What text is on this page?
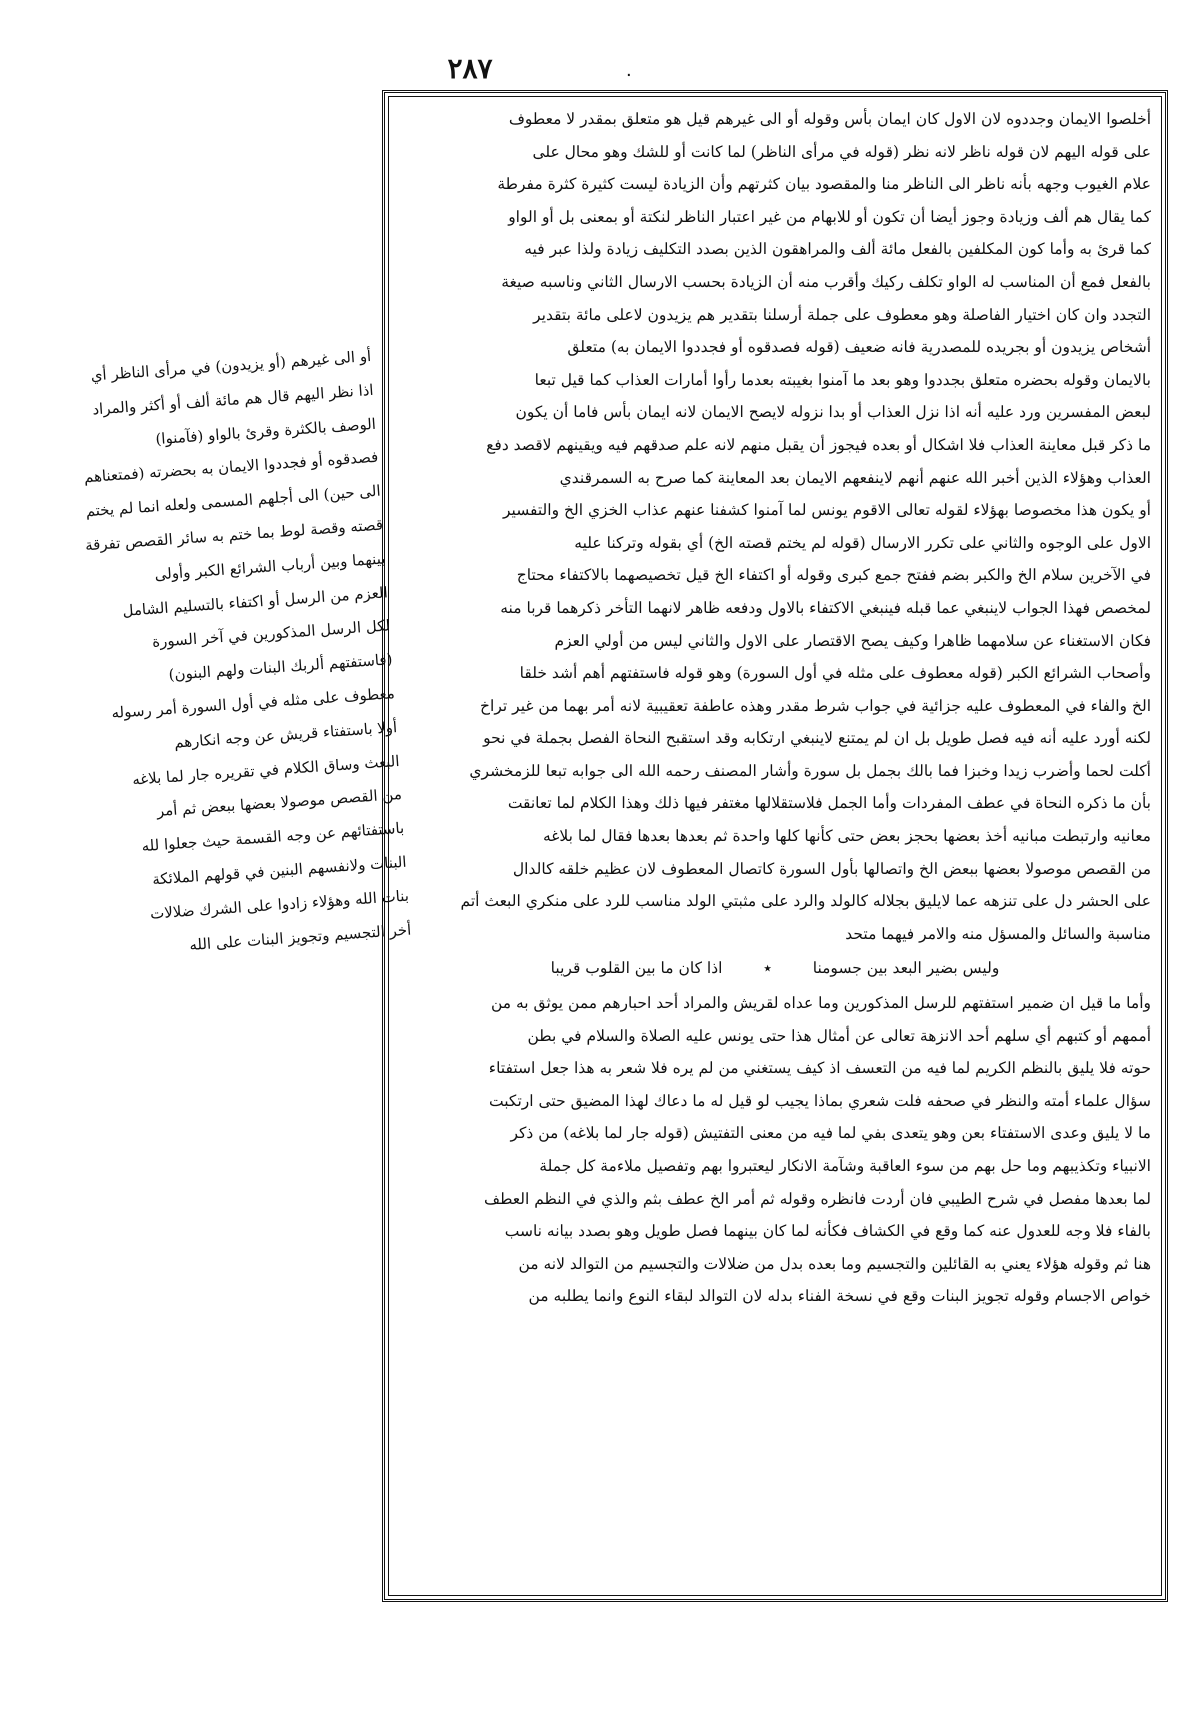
٢٨٧	٠
أخلصوا الايمان وجددوه لان الاول كان ايمان بأس وقوله أو الى غيرهم قيل هو متعلق بمقدر لا معطوف
على قوله اليهم لان قوله ناظر لانه نظر (قوله في مرأى الناظر) لما كانت أو للشك وهو محال على
علام الغيوب وجهه بأنه ناظر الى الناظر منا والمقصود بيان كثرتهم وأن الزيادة ليست كثيرة كثرة مفرطة
كما يقال هم ألف وزيادة وجوز أيضا أن تكون أو للابهام من غير اعتبار الناظر لنكتة أو بمعنى بل أو الواو
كما قرئ به وأما كون المكلفين بالفعل مائة ألف والمراهقون الذين بصدد التكليف زيادة ولذا عبر فيه
بالفعل فمع أن المناسب له الواو تكلف ركيك وأقرب منه أن الزيادة بحسب الارسال الثاني وناسبه صيغة
التجدد وان كان اختيار الفاصلة وهو معطوف على جملة أرسلنا بتقدير هم يزيدون لاعلى مائة بتقدير
أشخاص يزيدون أو بجريده للمصدرية فانه ضعيف (قوله فصدقوه أو فجددوا الايمان به) متعلق
بالايمان وقوله بحضره متعلق بجددوا وهو بعد ما آمنوا بغيبته بعدما رأوا أمارات العذاب كما قيل تبعا
لبعض المفسرين ورد عليه أنه اذا نزل العذاب أو بدا نزوله لايصح الايمان لانه ايمان بأس فاما أن يكون
ما ذكر قبل معاينة العذاب فلا اشكال أو بعده فيجوز أن يقبل منهم لانه علم صدقهم فيه ويقينهم لاقصد دفع
العذاب وهؤلاء الذين أخبر الله عنهم أنهم لاينفعهم الايمان بعد المعاينة كما صرح به السمرقندي
أو يكون هذا مخصوصا بهؤلاء لقوله تعالى الاقوم يونس لما آمنوا كشفنا عنهم عذاب الخزي الخ والتفسير
الاول على الوجوه والثاني على تكرر الارسال (قوله لم يختم قصته الخ) أي بقوله وتركنا عليه
في الآخرين سلام الخ والكبر بضم ففتح جمع كبرى وقوله أو اكتفاء الخ قيل تخصيصهما بالاكتفاء محتاج
لمخصص فهذا الجواب لاينبغي عما قبله فينبغي الاكتفاء بالاول ودفعه ظاهر لانهما التأخر ذكرهما قربا منه
فكان الاستغناء عن سلامهما ظاهرا وكيف يصح الاقتصار على الاول والثاني ليس من أولي العزم
وأصحاب الشرائع الكبر (قوله معطوف على مثله في أول السورة) وهو قوله فاستفتهم أهم أشد خلقا
الخ والفاء في المعطوف عليه جزائية في جواب شرط مقدر وهذه عاطفة تعقيبية لانه أمر بهما من غير تراخ
لكنه أورد عليه أنه فيه فصل طويل بل ان لم يمتنع لاينبغي ارتكابه وقد استقبح النحاة الفصل بجملة في نحو
أكلت لحما وأضرب زيدا وخبزا فما بالك بجمل بل سورة وأشار المصنف رحمه الله الى جوابه تبعا للزمخشري
بأن ما ذكره النحاة في عطف المفردات وأما الجمل فلاستقلالها مغتفر فيها ذلك وهذا الكلام لما تعانقت
معانيه وارتبطت مبانيه أخذ بعضها بحجز بعض حتى كأنها كلها واحدة ثم بعدها بعدها فقال لما بلاغه
من القصص موصولا بعضها ببعض الخ واتصالها بأول السورة كاتصال المعطوف لان عظيم خلقه كالدال
على الحشر دل على تنزهه عما لايليق بجلاله كالولد والرد على مثبتي الولد مناسب للرد على منكري البعث أتم
مناسبة والسائل والمسؤل منه والامر فيهما متحد
وليس بضير البعد بين جسومنا ٭ اذا كان ما بين القلوب قريبا
وأما ما قيل ان ضمير استفتهم للرسل المذكورين وما عداه لقريش والمراد أحد احبارهم ممن يوثق به من
أممهم أو كتبهم أي سلهم أحد الانزهة تعالى عن أمثال هذا حتى يونس عليه الصلاة والسلام في بطن
حوته فلا يليق بالنظم الكريم لما فيه من التعسف اذ كيف يستغني من لم يره فلا شعر به هذا جعل استفتاء
سؤال علماء أمته والنظر في صحفه فلت شعري بماذا يجيب لو قيل له ما دعاك لهذا المضيق حتى ارتكبت
ما لا يليق وعدى الاستفتاء بعن وهو يتعدى بفي لما فيه من معنى التفتيش (قوله جار لما بلاغه) من ذكر
الانبياء وتكذيبهم وما حل بهم من سوء العاقبة وشآمة الانكار ليعتبروا بهم وتفصيل ملاءمة كل جملة
لما بعدها مفصل في شرح الطيبي فان أردت فانظره وقوله ثم أمر الخ عطف بثم والذي في النظم العطف
بالفاء فلا وجه للعدول عنه كما وقع في الكشاف فكأنه لما كان بينهما فصل طويل وهو بصدد بيانه ناسب
هنا ثم وقوله هؤلاء يعني به القائلين والتجسيم وما بعده بدل من ضلالات والتجسيم من التوالد لانه من
خواص الاجسام وقوله تجويز البنات وقع في نسخة الفناء بدله لان التوالد لبقاء النوع وانما يطلبه من
أو الى غيرهم (أو يزيدون) في مرأى الناظر أي
اذا نظر اليهم قال هم مائة ألف أو أكثر والمراد
الوصف بالكثرة وقرئ بالواو (فآمنوا)
فصدقوه أو فجددوا الايمان به بحضرته (فمتعناهم
الى حين) الى أجلهم المسمى ولعله انما لم يختم
قصته وقصة لوط بما ختم به سائر القصص تفرقة
بينهما وبين أرباب الشرائع الكبر وأولى
العزم من الرسل أو اكتفاء بالتسليم الشامل
لكل الرسل المذكورين في آخر السورة
(فاستفتهم ألربك البنات ولهم البنون)
معطوف على مثله في أول السورة أمر رسوله
أولا باستفتاء قريش عن وجه انكارهم
البعث وساق الكلام في تقريره جار لما بلاغه
من القصص موصولا بعضها ببعض ثم أمر
باستفتائهم عن وجه القسمة حيث جعلوا لله
البنات ولانفسهم البنين في قولهم الملائكة
بنات الله وهؤلاء زادوا على الشرك ضلالات
أخر التجسيم وتجويز البنات على الله
